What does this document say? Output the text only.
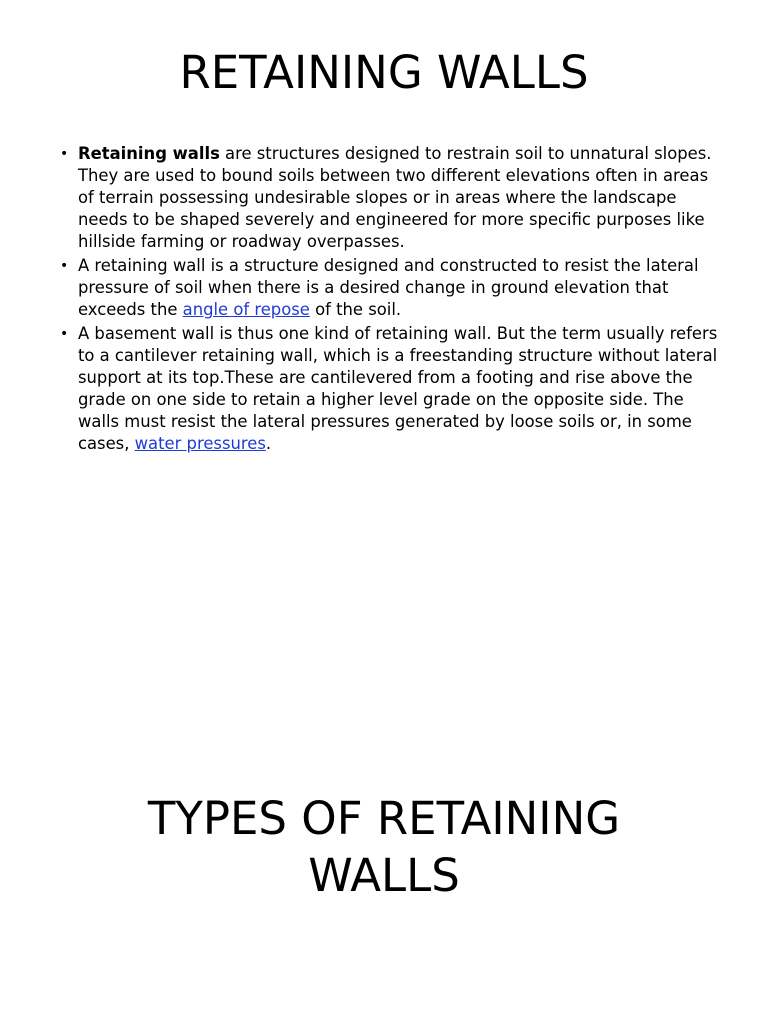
RETAINING WALLS
• Retaining walls are structures designed to restrain soil to unnatural slopes. They are used to bound soils between two different elevations often in areas of terrain possessing undesirable slopes or in areas where the landscape needs to be shaped severely and engineered for more specific purposes like hillside farming or roadway overpasses.
• A retaining wall is a structure designed and constructed to resist the lateral pressure of soil when there is a desired change in ground elevation that exceeds the angle of repose of the soil.
• A basement wall is thus one kind of retaining wall. But the term usually refers to a cantilever retaining wall, which is a freestanding structure without lateral support at its top.These are cantilevered from a footing and rise above the grade on one side to retain a higher level grade on the opposite side. The walls must resist the lateral pressures generated by loose soils or, in some cases, water pressures.
TYPES OF RETAINING
WALLS
